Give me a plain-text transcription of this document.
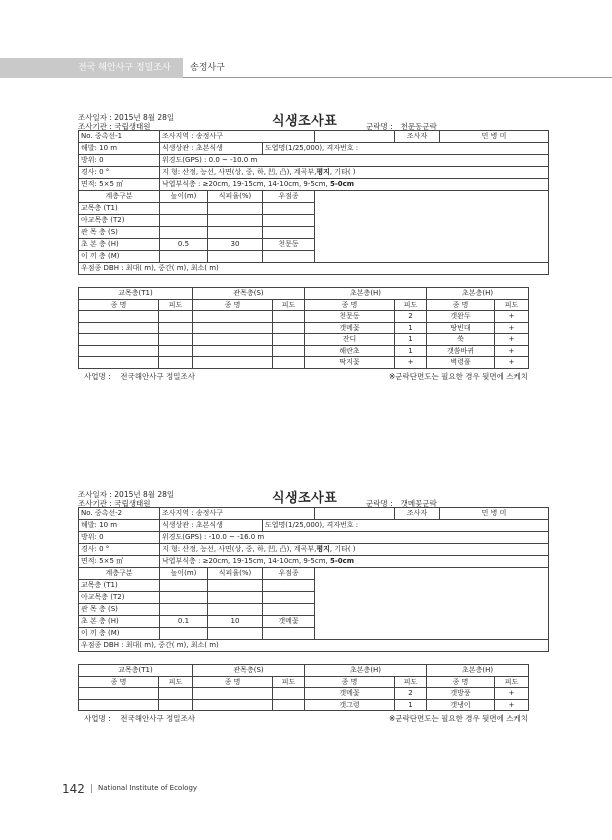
전국 해안사구 정밀조사	송정사구
조사일자 : 2015년 8월 28일
조사기관 : 국립생태원	식생조사표	군락명 : 천문동군락
No. 중촉선-1	조사지역 : 송정사구				조사자	민 병 미
해발: 10 m	식생상관 : 초본식생		도엽명(1/25,000), 격자번호 :			
방위: 0	위경도(GPS) : 0.0 ~ -10.0 m					
경사: 0 °	지 형: 산정, 능선, 사면(상, 중, 하, 凹, 凸), 계곡부,평지, 기타( )					
면적: 5×5 ㎡	낙엽부식층 : ≥20cm, 19-15cm, 14-10cm, 9-5cm, 5-0cm					
계층구분	높이(m)	식피율(%)	우점종			
교목층 (T1)						
아교목층 (T2)						
관 목 층 (S)						
초 본 층 (H)	0.5	30	천문동			
이 끼 층 (M)						
우점종 DBH : 최대( m), 중간( m), 최소( m)						
교목층(T1)		관목층(S)		초본층(H)		초본층(H)	
종 명	피도	종 명	피도	종 명	피도	종 명	피도
				천문동	2	갯완두	+
				갯메꽃	1	땅빈대	+
				잔디	1	쑥	+
				해란초	1	갯씀바귀	+
				딱지꽃	+	벽령풀	+
사업명 : 전국해안사구 정밀조사	※군락단면도는 필요한 경우 뒷면에 스케치
조사일자 : 2015년 8월 28일
조사기관 : 국립생태원	식생조사표	군락명 : 갯메꽃군락
No. 중촉선-2	조사지역 : 송정사구				조사자	민 병 미
해발: 10 m	식생상관 : 초본식생		도엽명(1/25,000), 격자번호 :			
방위: 0	위경도(GPS) : -10.0 ~ -16.0 m					
경사: 0 °	지 형: 산정, 능선, 사면(상, 중, 하, 凹, 凸), 계곡부,평지, 기타( )					
면적: 5×5 ㎡	낙엽부식층 : ≥20cm, 19-15cm, 14-10cm, 9-5cm, 5-0cm					
계층구분	높이(m)	식피율(%)	우점종			
교목층 (T1)						
아교목층 (T2)						
관 목 층 (S)						
초 본 층 (H)	0.1	10	갯메꽃			
이 끼 층 (M)						
우점종 DBH : 최대( m), 중간( m), 최소( m)						
교목층(T1)		관목층(S)		초본층(H)		초본층(H)	
종 명	피도	종 명	피도	종 명	피도	종 명	피도
				갯메꽃	2	갯방풍	+
				갯그령	1	갯냉이	+
사업명 : 전국해안사구 정밀조사	※군락단면도는 필요한 경우 뒷면에 스케치
142 National Institute of Ecology
